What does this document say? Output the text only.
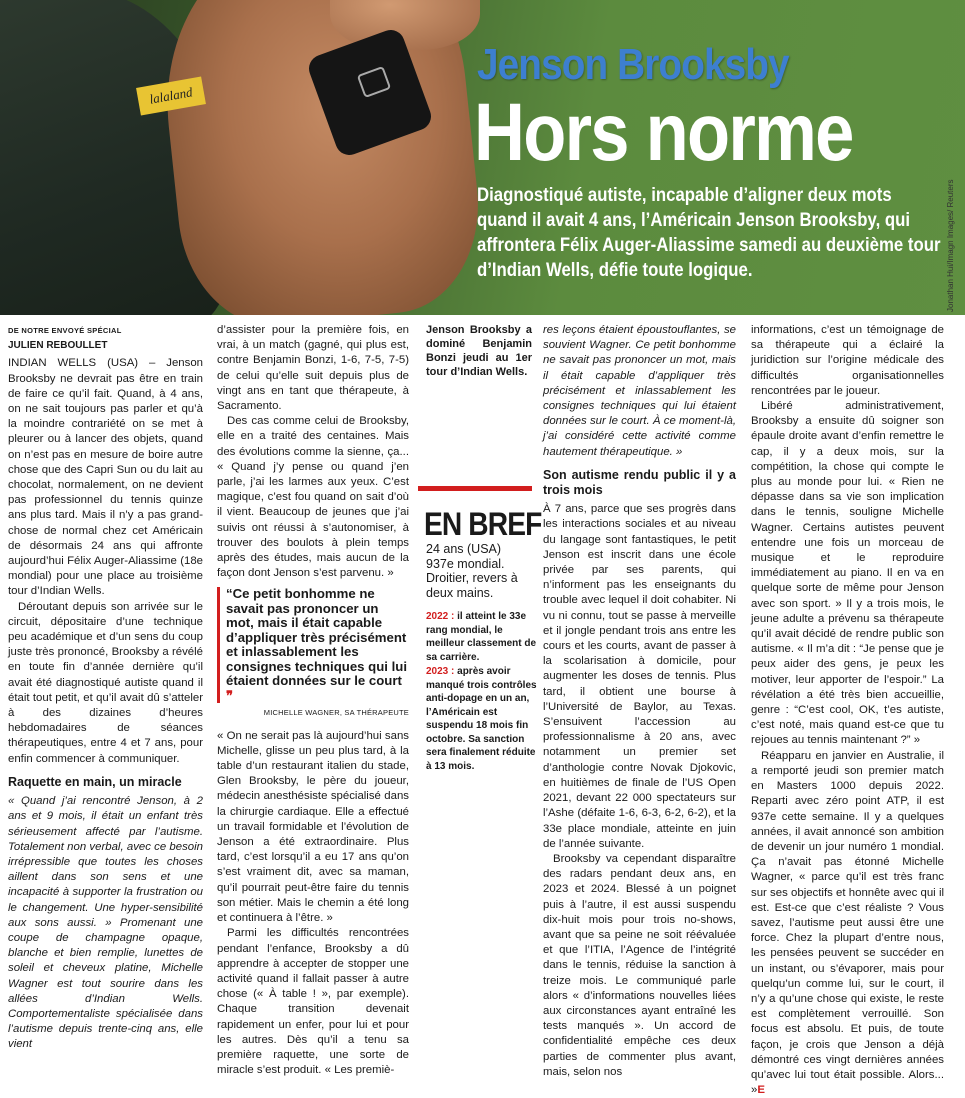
lalaland
Jenson Brooksby
Hors norme
Diagnostiqué autiste, incapable d’aligner deux mots quand il avait 4 ans, l’Américain Jenson Brooksby, qui affrontera Félix Auger-Aliassime samedi au deuxième tour d’Indian Wells, défie toute logique.	Jonathan Hui/Imagn Images/ Reuters
DE NOTRE ENVOYÉ SPÉCIAL
JULIEN REBOULLET

INDIAN WELLS (USA) – Jenson Brooksby ne devrait pas être en train de faire ce qu’il fait. Quand, à 4 ans, on ne sait toujours pas parler et qu’à la moindre contrariété on se met à pleurer ou à lancer des objets, quand on n’est pas en mesure de boire autre chose que des Capri Sun ou du lait au chocolat, normalement, on ne devient pas professionnel du tennis quinze ans plus tard. Mais il n’y a pas grand-chose de normal chez cet Américain de désormais 24 ans qui affronte aujourd’hui Félix Auger-Aliassime (18e mondial) pour une place au troisième tour d’Indian Wells.

Déroutant depuis son arrivée sur le circuit, dépositaire d’une technique peu académique et d’un sens du coup juste très prononcé, Brooksby a révélé en toute fin d’année dernière qu’il avait été diagnostiqué autiste quand il était tout petit, et qu’il avait dû s’atteler à des dizaines d’heures hebdomadaires de séances thérapeutiques, entre 4 et 7 ans, pour enfin commencer à communiquer.

Raquette en main, un miracle

« Quand j’ai rencontré Jenson, à 2 ans et 9 mois, il était un enfant très sérieusement affecté par l’autisme. Totalement non verbal, avec ce besoin irrépressible que toutes les choses aillent dans son sens et une incapacité à supporter la frustration ou le changement. Une hyper-sensibilité aux sons aussi. » Promenant une coupe de champagne opaque, blanche et bien remplie, lunettes de soleil et cheveux platine, Michelle Wagner est tout sourire dans les allées d’Indian Wells. Comportementaliste spécialisée dans l’autisme depuis trente-cinq ans, elle vient

d’assister pour la première fois, en vrai, à un match (gagné, qui plus est, contre Benjamin Bonzi, 1-6, 7-5, 7-5) de celui qu’elle suit depuis plus de vingt ans en tant que thérapeute, à Sacramento.

Des cas comme celui de Brooksby, elle en a traité des centaines. Mais des évolutions comme la sienne, ça... « Quand j’y pense ou quand j’en parle, j’ai les larmes aux yeux. C’est magique, c’est fou quand on sait d’où il vient. Beaucoup de jeunes que j’ai suivis ont réussi à s’autonomiser, à trouver des boulots à plein temps après des études, mais aucun de la façon dont Jenson s’est parvenu. »

“Ce petit bonhomme ne savait pas prononcer un mot, mais il était capable d’appliquer très précisément et inlassablement les consignes techniques qui lui étaient données sur le court ❞
MICHELLE WAGNER, SA THÉRAPEUTE

« On ne serait pas là aujourd’hui sans Michelle, glisse un peu plus tard, à la table d’un restaurant italien du stade, Glen Brooksby, le père du joueur, médecin anesthésiste spécialisé dans la chirurgie cardiaque. Elle a effectué un travail formidable et l’évolution de Jenson a été extraordinaire. Plus tard, c’est lorsqu’il a eu 17 ans qu’on s’est vraiment dit, avec sa maman, qu’il pourrait peut-être faire du tennis son métier. Mais le chemin a été long et continuera à l’être. »

Parmi les difficultés rencontrées pendant l’enfance, Brooksby a dû apprendre à accepter de stopper une activité quand il fallait passer à autre chose (« À table ! », par exemple). Chaque transition devenait rapidement un enfer, pour lui et pour les autres. Dès qu’il a tenu sa première raquette, une sorte de miracle s’est produit. « Les premiè-

Jenson Brooksby a dominé Benjamin Bonzi jeudi au 1er tour d’Indian Wells.
EN BREF
24 ans (USA)
937e mondial.
Droitier, revers à deux mains.
2022 : il atteint le 33e rang mondial, le meilleur classement de sa carrière.
2023 : après avoir manqué trois contrôles anti-dopage en un an, l’Américain est suspendu 18 mois fin octobre. Sa sanction sera finalement réduite à 13 mois.

res leçons étaient époustouflantes, se souvient Wagner. Ce petit bonhomme ne savait pas prononcer un mot, mais il était capable d’appliquer très précisément et inlassablement les consignes techniques qui lui étaient données sur le court. À ce moment-là, j’ai considéré cette activité comme hautement thérapeutique. »

Son autisme rendu public il y a trois mois

À 7 ans, parce que ses progrès dans les interactions sociales et au niveau du langage sont fantastiques, le petit Jenson est inscrit dans une école privée par ses parents, qui n’informent pas les enseignants du trouble avec lequel il doit cohabiter. Ni vu ni connu, tout se passe à merveille et il jongle pendant trois ans entre les cours et les courts, avant de passer à la scolarisation à domicile, pour augmenter les doses de tennis. Plus tard, il obtient une bourse à l’Université de Baylor, au Texas. S’ensuivent l’accession au professionnalisme à 20 ans, avec notamment un premier set d’anthologie contre Novak Djokovic, en huitièmes de finale de l’US Open 2021, devant 22 000 spectateurs sur l’Ashe (défaite 1-6, 6-3, 6-2, 6-2), et la 33e place mondiale, atteinte en juin de l’année suivante.

Brooksby va cependant disparaître des radars pendant deux ans, en 2023 et 2024. Blessé à un poignet puis à l’autre, il est aussi suspendu dix-huit mois pour trois no-shows, avant que sa peine ne soit réévaluée et que l’ITIA, l’Agence de l’intégrité dans le tennis, réduise la sanction à treize mois. Le communiqué parle alors « d’informations nouvelles liées aux circonstances ayant entraîné les tests manqués ». Un accord de confidentialité empêche ces deux parties de commenter plus avant, mais, selon nos

informations, c’est un témoignage de sa thérapeute qui a éclairé la juridiction sur l’origine médicale des difficultés organisationnelles rencontrées par le joueur.

Libéré administrativement, Brooksby a ensuite dû soigner son épaule droite avant d’enfin remettre le cap, il y a deux mois, sur la compétition, la chose qui compte le plus au monde pour lui. « Rien ne dépasse dans sa vie son implication dans le tennis, souligne Michelle Wagner. Certains autistes peuvent entendre une fois un morceau de musique et le reproduire immédiatement au piano. Il en va en quelque sorte de même pour Jenson avec son sport. » Il y a trois mois, le jeune adulte a prévenu sa thérapeute qu’il avait décidé de rendre public son autisme. « Il m’a dit : “Je pense que je peux aider des gens, je peux les motiver, leur apporter de l’espoir.” La révélation a été très bien accueillie, genre : “C’est cool, OK, t’es autiste, c’est noté, mais quand est-ce que tu rejoues au tennis maintenant ?” »

Réapparu en janvier en Australie, il a remporté jeudi son premier match en Masters 1000 depuis 2022. Reparti avec zéro point ATP, il est 937e cette semaine. Il y a quelques années, il avait annoncé son ambition de devenir un jour numéro 1 mondial. Ça n’avait pas étonné Michelle Wagner, « parce qu’il est très franc sur ses objectifs et honnête avec qui il est. Est-ce que c’est réaliste ? Vous savez, l’autisme peut aussi être une force. Chez la plupart d’entre nous, les pensées peuvent se succéder en un instant, ou s’évaporer, mais pour quelqu’un comme lui, sur le court, il n’y a qu’une chose qui existe, le reste est complètement verrouillé. Son focus est absolu. Et puis, de toute façon, je crois que Jenson a déjà démontré ces vingt dernières années qu’avec lui tout était possible. Alors... »E
